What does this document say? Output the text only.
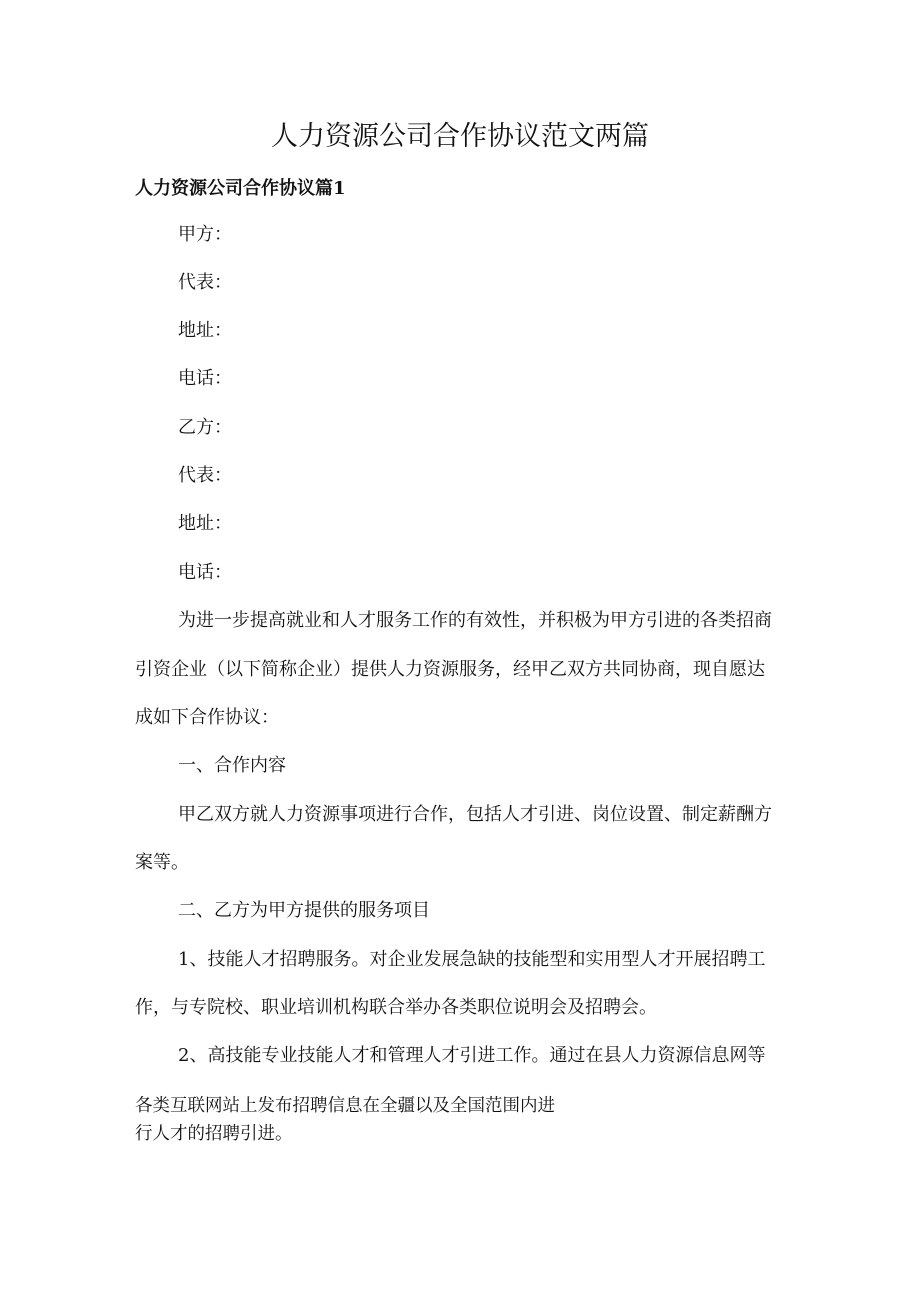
人力资源公司合作协议范文两篇
人力资源公司合作协议篇1
甲方：
代表：
地址：
电话：
乙方：
代表：
地址：
电话：
为进一步提高就业和人才服务工作的有效性，并积极为甲方引进的各类招商
引资企业（以下简称企业）提供人力资源服务，经甲乙双方共同协商，现自愿达
成如下合作协议：
一、合作内容
甲乙双方就人力资源事项进行合作，包括人才引进、岗位设置、制定薪酬方
案等。
二、乙方为甲方提供的服务项目
1、技能人才招聘服务。对企业发展急缺的技能型和实用型人才开展招聘工
作，与专院校、职业培训机构联合举办各类职位说明会及招聘会。
2、高技能专业技能人才和管理人才引进工作。通过在县人力资源信息网等
各类互联网站上发布招聘信息在全疆以及全国范围内进
行人才的招聘引进。
